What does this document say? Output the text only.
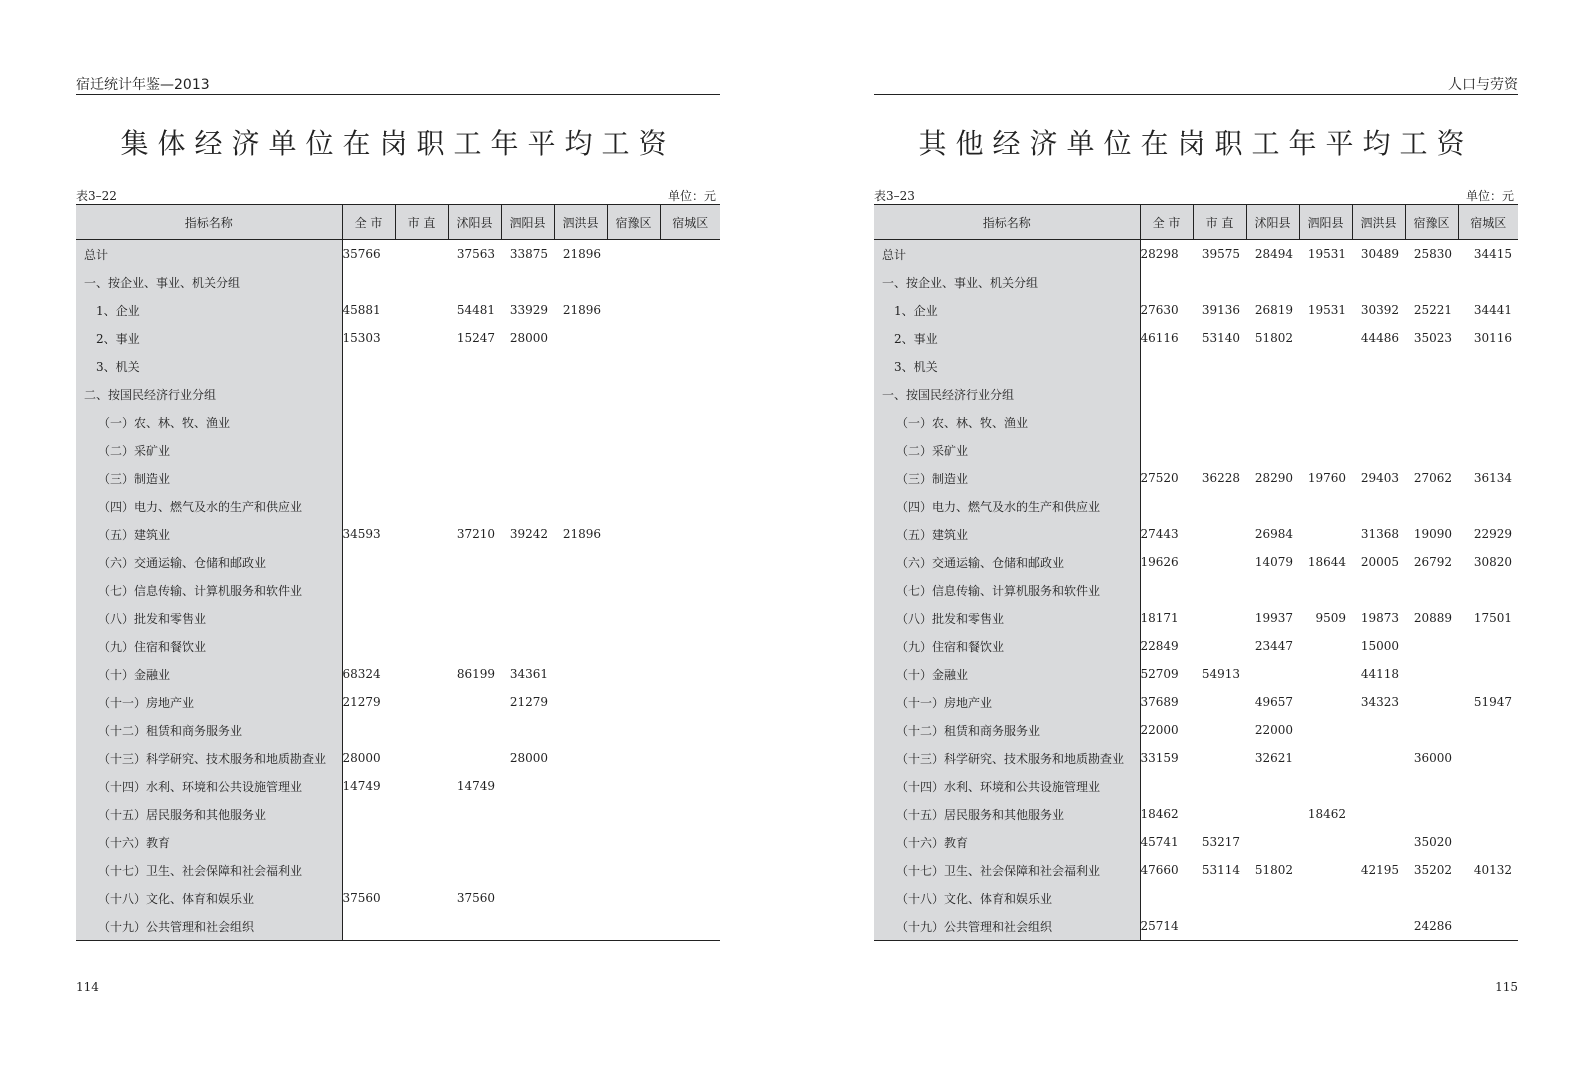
宿迁统计年鉴—2013
集体经济单位在岗职工年平均工资
表3–22	单位：元
指标名称	全 市	市 直	沭阳县	泗阳县	泗洪县	宿豫区	宿城区
总计	35766		37563	33875	21896		
一、按企业、事业、机关分组							
1、企业	45881		54481	33929	21896		
2、事业	15303		15247	28000			
3、机关							
二、按国民经济行业分组							
（一）农、林、牧、渔业							
（二）采矿业							
（三）制造业							
（四）电力、燃气及水的生产和供应业							
（五）建筑业	34593		37210	39242	21896		
（六）交通运输、仓储和邮政业							
（七）信息传输、计算机服务和软件业							
（八）批发和零售业							
（九）住宿和餐饮业							
（十）金融业	68324		86199	34361			
（十一）房地产业	21279			21279			
（十二）租赁和商务服务业							
（十三）科学研究、技术服务和地质勘查业	28000			28000			
（十四）水利、环境和公共设施管理业	14749		14749				
（十五）居民服务和其他服务业							
（十六）教育							
（十七）卫生、社会保障和社会福利业							
（十八）文化、体育和娱乐业	37560		37560				
（十九）公共管理和社会组织							
114
人口与劳资
其他经济单位在岗职工年平均工资
表3–23	单位：元
指标名称	全 市	市 直	沭阳县	泗阳县	泗洪县	宿豫区	宿城区
总计	28298	39575	28494	19531	30489	25830	34415
一、按企业、事业、机关分组							
1、企业	27630	39136	26819	19531	30392	25221	34441
2、事业	46116	53140	51802		44486	35023	30116
3、机关							
一、按国民经济行业分组							
（一）农、林、牧、渔业							
（二）采矿业							
（三）制造业	27520	36228	28290	19760	29403	27062	36134
（四）电力、燃气及水的生产和供应业							
（五）建筑业	27443		26984		31368	19090	22929
（六）交通运输、仓储和邮政业	19626		14079	18644	20005	26792	30820
（七）信息传输、计算机服务和软件业							
（八）批发和零售业	18171		19937	9509	19873	20889	17501
（九）住宿和餐饮业	22849		23447		15000		
（十）金融业	52709	54913			44118		
（十一）房地产业	37689		49657		34323		51947
（十二）租赁和商务服务业	22000		22000				
（十三）科学研究、技术服务和地质勘查业	33159		32621			36000	
（十四）水利、环境和公共设施管理业							
（十五）居民服务和其他服务业	18462			18462			
（十六）教育	45741	53217				35020	
（十七）卫生、社会保障和社会福利业	47660	53114	51802		42195	35202	40132
（十八）文化、体育和娱乐业							
（十九）公共管理和社会组织	25714					24286	
115
